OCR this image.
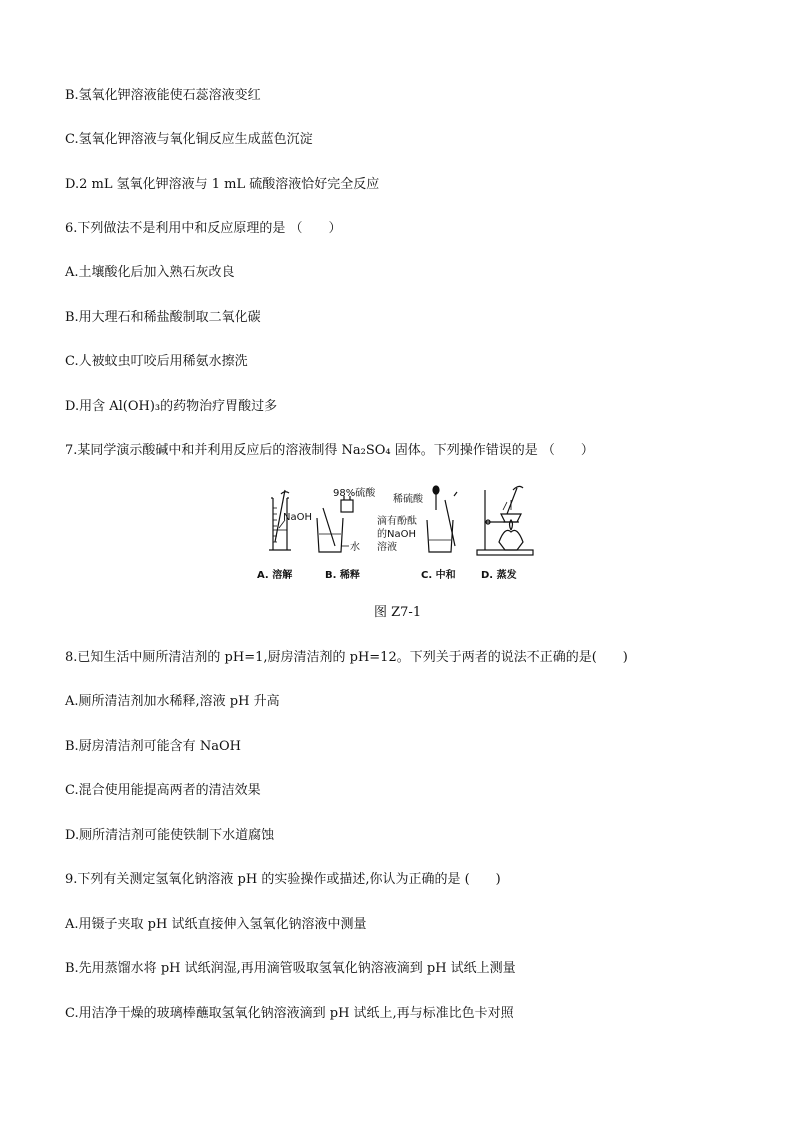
B.氢氧化钾溶液能使石蕊溶液变红
C.氢氧化钾溶液与氧化铜反应生成蓝色沉淀
D.2 mL 氢氧化钾溶液与 1 mL 硫酸溶液恰好完全反应
6.下列做法不是利用中和反应原理的是 （　　）
A.土壤酸化后加入熟石灰改良
B.用大理石和稀盐酸制取二氧化碳
C.人被蚊虫叮咬后用稀氨水擦洗
D.用含 Al(OH)₃的药物治疗胃酸过多
7.某同学演示酸碱中和并利用反应后的溶液制得 Na₂SO₄ 固体。下列操作错误的是 （　　）
NaOH
98%硫酸
水
稀硫酸
滴有酚酞
的NaOH
溶液
A. 溶解	B. 稀释	C. 中和	D. 蒸发
图 Z7-1
8.已知生活中厕所清洁剂的 pH=1,厨房清洁剂的 pH=12。下列关于两者的说法不正确的是(　　)
A.厕所清洁剂加水稀释,溶液 pH 升高
B.厨房清洁剂可能含有 NaOH
C.混合使用能提高两者的清洁效果
D.厕所清洁剂可能使铁制下水道腐蚀
9.下列有关测定氢氧化钠溶液 pH 的实验操作或描述,你认为正确的是 (　　)
A.用镊子夹取 pH 试纸直接伸入氢氧化钠溶液中测量
B.先用蒸馏水将 pH 试纸润湿,再用滴管吸取氢氧化钠溶液滴到 pH 试纸上测量
C.用洁净干燥的玻璃棒蘸取氢氧化钠溶液滴到 pH 试纸上,再与标准比色卡对照
